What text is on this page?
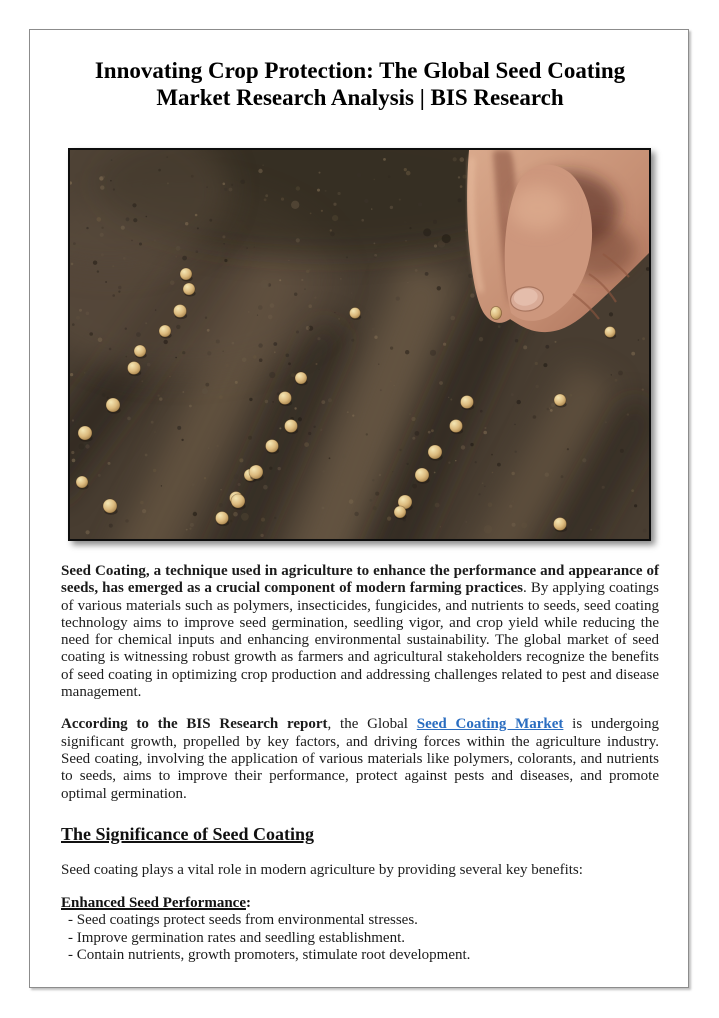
Innovating Crop Protection: The Global Seed Coating Market Research Analysis | BIS Research

Seed Coating, a technique used in agriculture to enhance the performance and appearance of seeds, has emerged as a crucial component of modern farming practices. By applying coatings of various materials such as polymers, insecticides, fungicides, and nutrients to seeds, seed coating technology aims to improve seed germination, seedling vigor, and crop yield while reducing the need for chemical inputs and enhancing environmental sustainability. The global market of seed coating is witnessing robust growth as farmers and agricultural stakeholders recognize the benefits of seed coating in optimizing crop production and addressing challenges related to pest and disease management.

According to the BIS Research report, the Global Seed Coating Market is undergoing significant growth, propelled by key factors, and driving forces within the agriculture industry. Seed coating, involving the application of various materials like polymers, colorants, and nutrients to seeds, aims to improve their performance, protect against pests and diseases, and promote optimal germination.

The Significance of Seed Coating

Seed coating plays a vital role in modern agriculture by providing several key benefits:

Enhanced Seed Performance:

- Seed coatings protect seeds from environmental stresses.
- Improve germination rates and seedling establishment.
- Contain nutrients, growth promoters, stimulate root development.
